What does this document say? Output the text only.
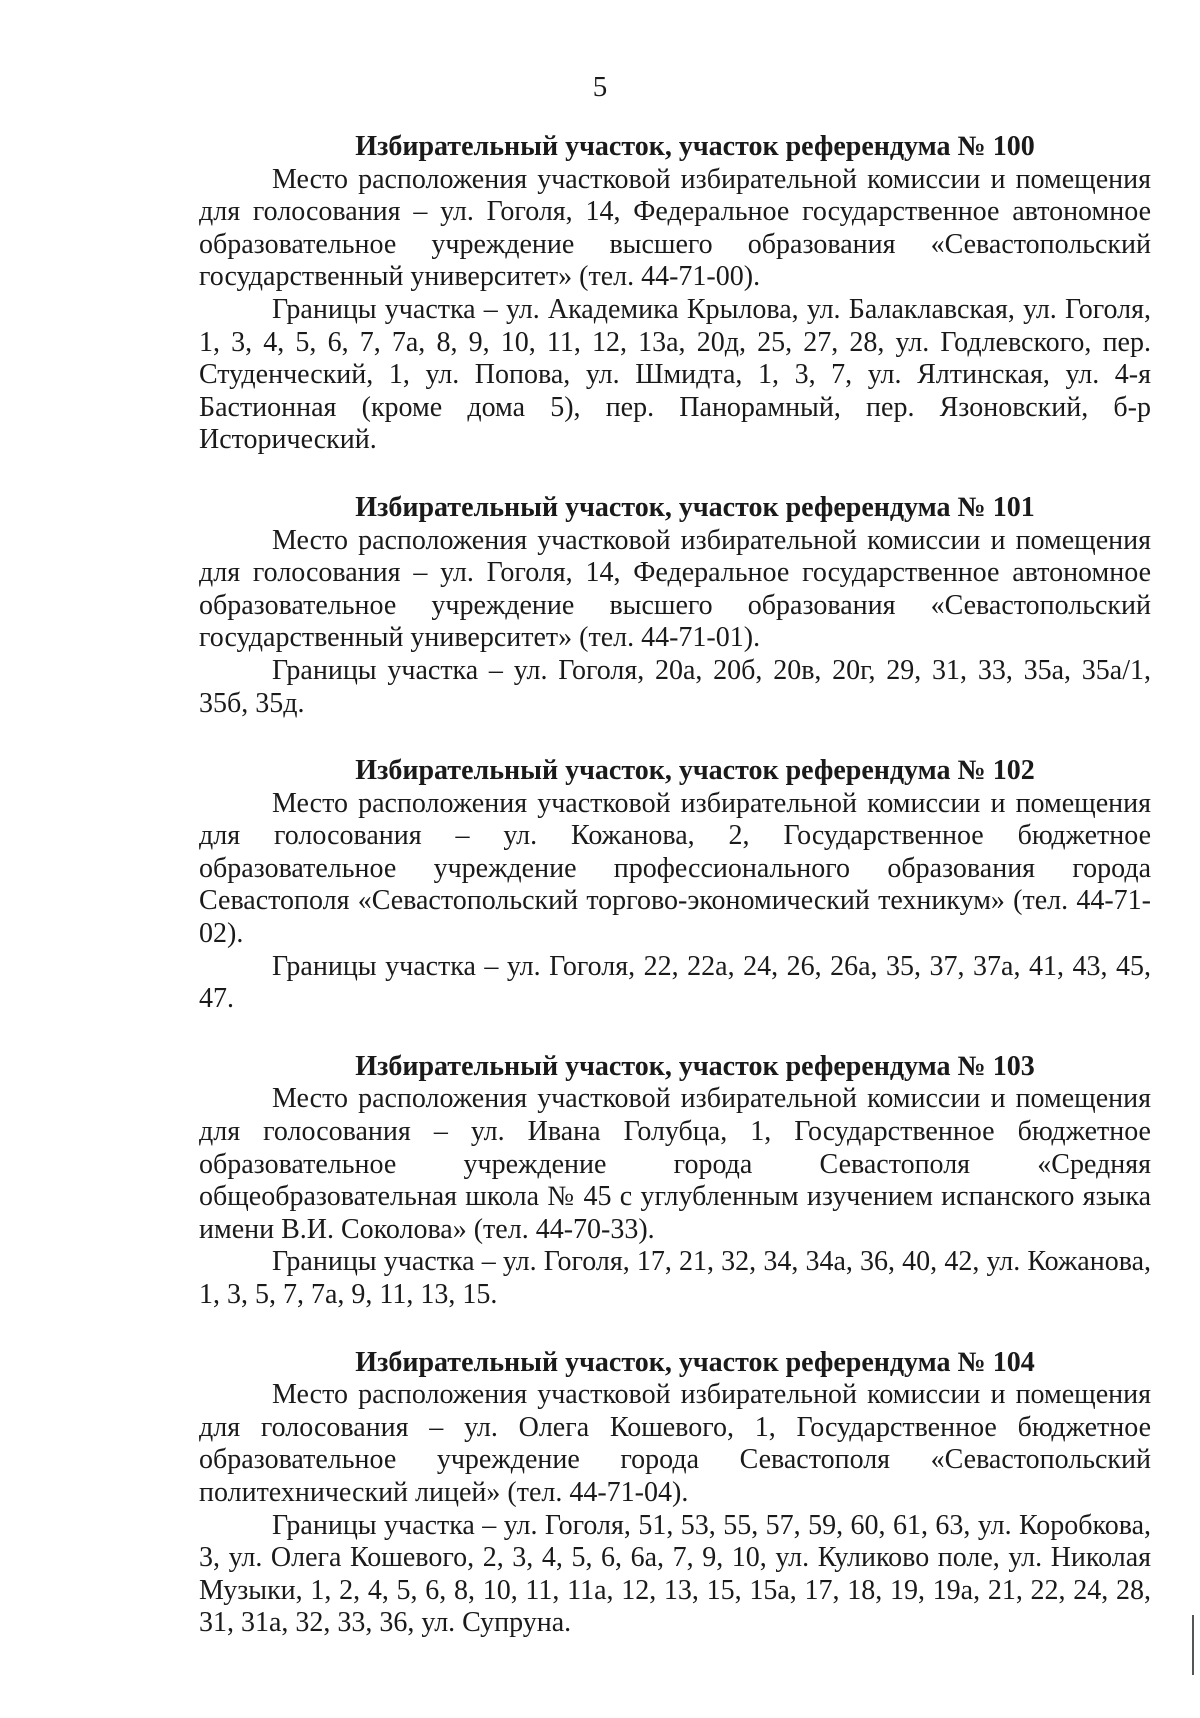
5

Избирательный участок, участок референдума № 100

Место расположения участковой избирательной комиссии и помещения для голосования – ул. Гоголя, 14, Федеральное государственное автономное образовательное учреждение высшего образования «Севастопольский государственный университет» (тел. 44-71-00).

Границы участка – ул. Академика Крылова, ул. Балаклавская, ул. Гоголя, 1, 3, 4, 5, 6, 7, 7а, 8, 9, 10, 11, 12, 13а, 20д, 25, 27, 28, ул. Годлевского, пер. Студенческий, 1, ул. Попова, ул. Шмидта, 1, 3, 7, ул. Ялтинская, ул. 4-я Бастионная (кроме дома 5), пер. Панорамный, пер. Язоновский, б-р Исторический.

Избирательный участок, участок референдума № 101

Место расположения участковой избирательной комиссии и помещения для голосования – ул. Гоголя, 14, Федеральное государственное автономное образовательное учреждение высшего образования «Севастопольский государственный университет» (тел. 44-71-01).

Границы участка – ул. Гоголя, 20а, 20б, 20в, 20г, 29, 31, 33, 35а, 35а/1, 35б, 35д.

Избирательный участок, участок референдума № 102

Место расположения участковой избирательной комиссии и помещения для голосования – ул. Кожанова, 2, Государственное бюджетное образовательное учреждение профессионального образования города Севастополя «Севастопольский торгово-экономический техникум» (тел. 44-71-02).

Границы участка – ул. Гоголя, 22, 22а, 24, 26, 26а, 35, 37, 37а, 41, 43, 45, 47.

Избирательный участок, участок референдума № 103

Место расположения участковой избирательной комиссии и помещения для голосования – ул. Ивана Голубца, 1, Государственное бюджетное образовательное учреждение города Севастополя «Средняя общеобразовательная школа № 45 с углубленным изучением испанского языка имени В.И. Соколова» (тел. 44-70-33).

Границы участка – ул. Гоголя, 17, 21, 32, 34, 34а, 36, 40, 42, ул. Кожанова, 1, 3, 5, 7, 7а, 9, 11, 13, 15.

Избирательный участок, участок референдума № 104

Место расположения участковой избирательной комиссии и помещения для голосования – ул. Олега Кошевого, 1, Государственное бюджетное образовательное учреждение города Севастополя «Севастопольский политехнический лицей» (тел. 44-71-04).

Границы участка – ул. Гоголя, 51, 53, 55, 57, 59, 60, 61, 63, ул. Коробкова, 3, ул. Олега Кошевого, 2, 3, 4, 5, 6, 6а, 7, 9, 10, ул. Куликово поле, ул. Николая Музыки, 1, 2, 4, 5, 6, 8, 10, 11, 11а, 12, 13, 15, 15а, 17, 18, 19, 19а, 21, 22, 24, 28, 31, 31а, 32, 33, 36, ул. Супруна.
